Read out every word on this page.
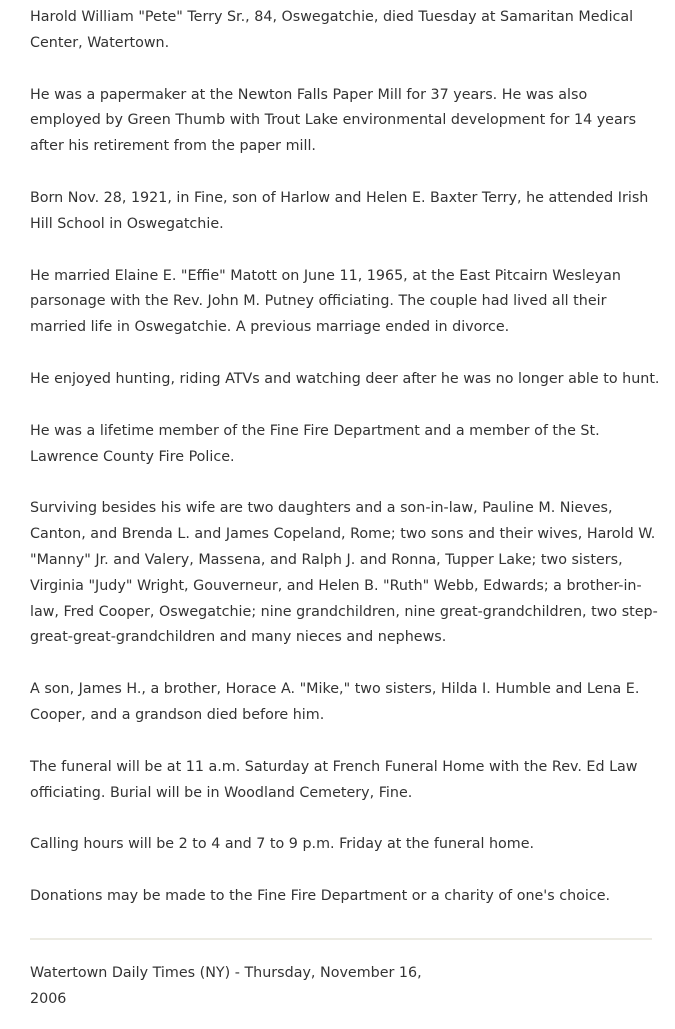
Harold William "Pete" Terry Sr., 84, Oswegatchie, died Tuesday at Samaritan Medical Center, Watertown.

He was a papermaker at the Newton Falls Paper Mill for 37 years. He was also employed by Green Thumb with Trout Lake environmental development for 14 years after his retirement from the paper mill.

Born Nov. 28, 1921, in Fine, son of Harlow and Helen E. Baxter Terry, he attended Irish Hill School in Oswegatchie.

He married Elaine E. "Effie" Matott on June 11, 1965, at the East Pitcairn Wesleyan parsonage with the Rev. John M. Putney officiating. The couple had lived all their married life in Oswegatchie. A previous marriage ended in divorce.

He enjoyed hunting, riding ATVs and watching deer after he was no longer able to hunt.

He was a lifetime member of the Fine Fire Department and a member of the St. Lawrence County Fire Police.

Surviving besides his wife are two daughters and a son-in-law, Pauline M. Nieves, Canton, and Brenda L. and James Copeland, Rome; two sons and their wives, Harold W. "Manny" Jr. and Valery, Massena, and Ralph J. and Ronna, Tupper Lake; two sisters, Virginia "Judy" Wright, Gouverneur, and Helen B. "Ruth" Webb, Edwards; a brother-in-law, Fred Cooper, Oswegatchie; nine grandchildren, nine great-grandchildren, two step-great-great-grandchildren and many nieces and nephews.

A son, James H., a brother, Horace A. "Mike," two sisters, Hilda I. Humble and Lena E. Cooper, and a grandson died before him.

The funeral will be at 11 a.m. Saturday at French Funeral Home with the Rev. Ed Law officiating. Burial will be in Woodland Cemetery, Fine.

Calling hours will be 2 to 4 and 7 to 9 p.m. Friday at the funeral home.

Donations may be made to the Fine Fire Department or a charity of one's choice.

Watertown Daily Times (NY) - Thursday, November 16, 2006
